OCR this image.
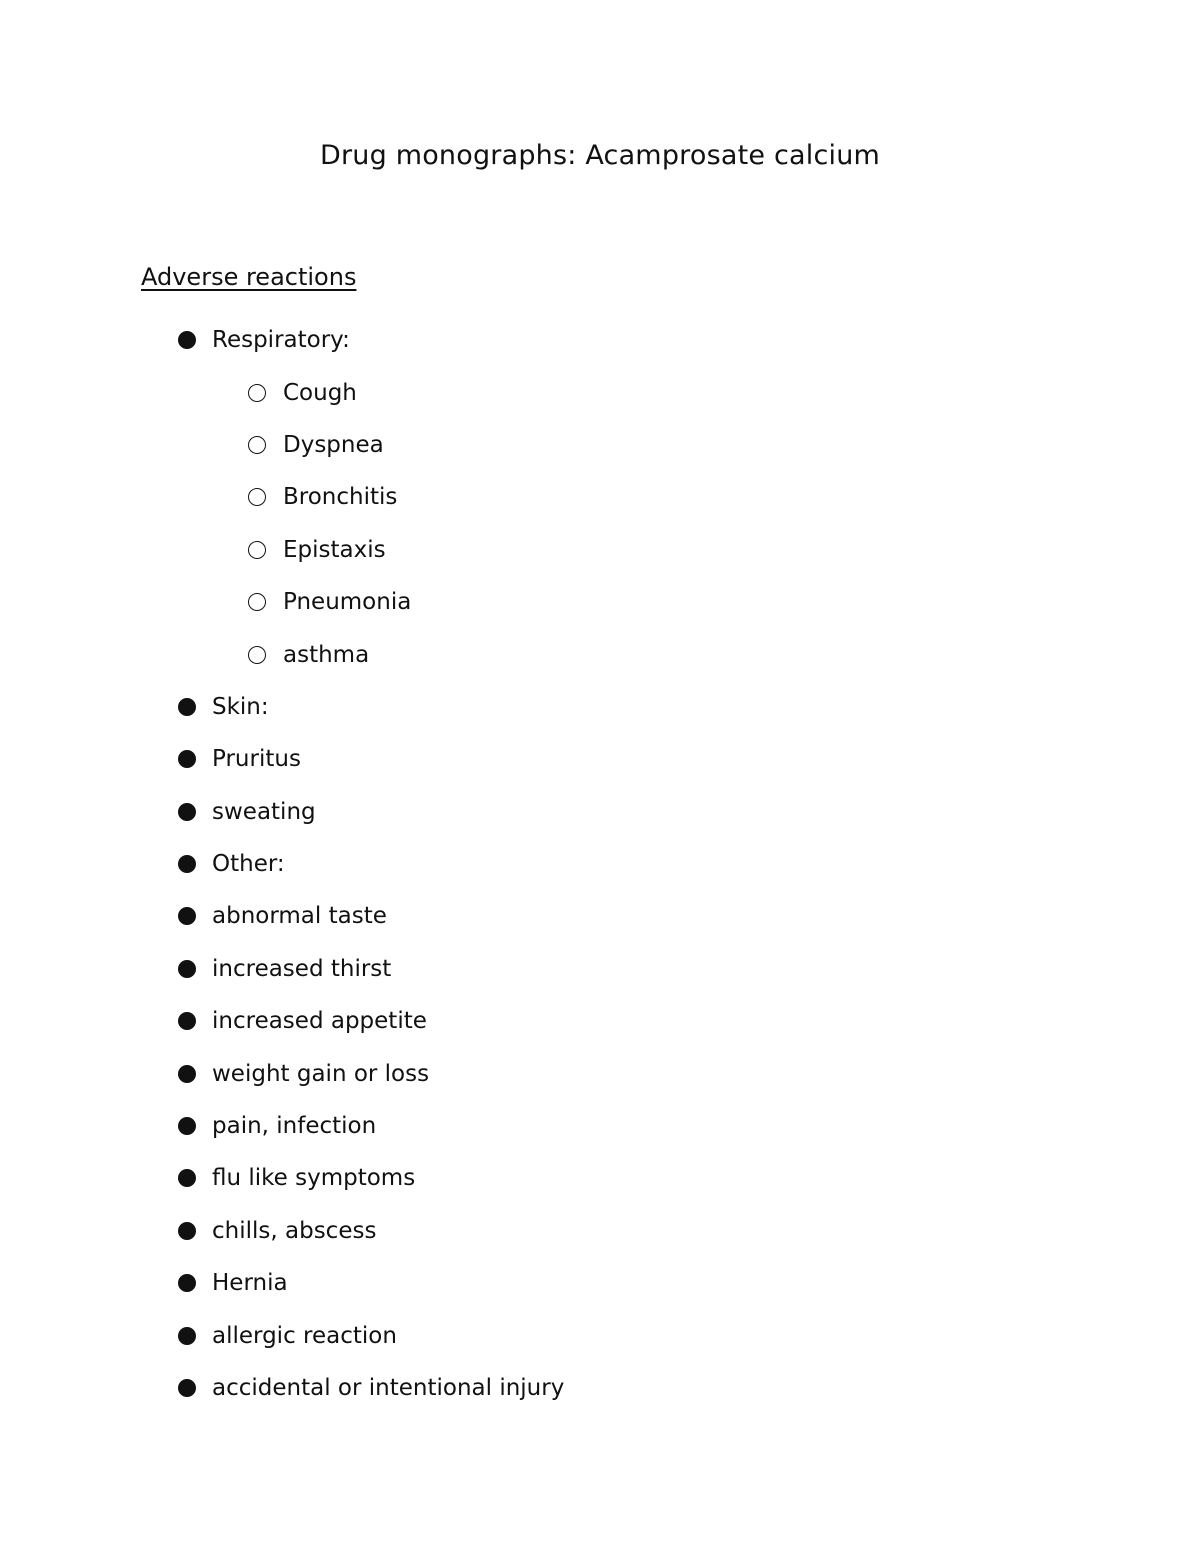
Drug monographs: Acamprosate calcium
Adverse reactions
Respiratory:
Cough
Dyspnea
Bronchitis
Epistaxis
Pneumonia
asthma
Skin:
Pruritus
sweating
Other:
abnormal taste
increased thirst
increased appetite
weight gain or loss
pain, infection
flu like symptoms
chills, abscess
Hernia
allergic reaction
accidental or intentional injury
